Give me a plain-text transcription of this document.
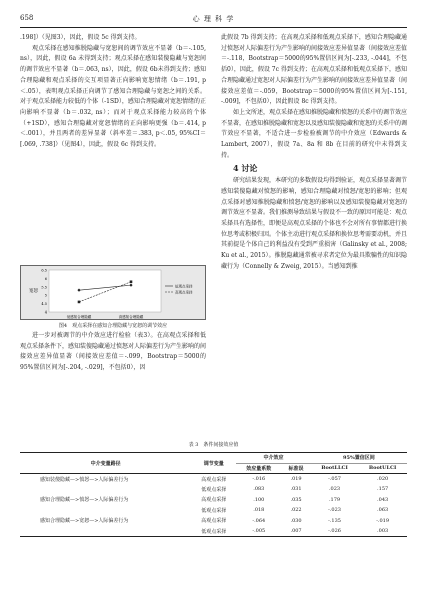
658	心 理 科 学

.198]）（见图3），因此，假设 5c 得到支持。

观点采择在感知推脱隐藏与宽恕间的调节效应不显著（b＝-.105, ns），因此，假设 6a 未得到支持；观点采择在感知装傻隐藏与宽恕间的调节效应不显著（b＝.063, ns），因此，假设 6b未得到支持；感知合理隐藏和观点采择的交互项显著正向影响宽恕情绪（b＝.191, p＜.05），表明观点采择正向调节了感知合理隐藏与宽恕之间的关系。对于观点采择能力较低的个体（-1SD），感知合理隐藏对宽恕情绪的正向影响不显著（b＝.032, ns）；而对于观点采择能力较高的个体（+1SD），感知合理隐藏对宽恕情绪的正向影响更强（b＝.414, p＜.001），并且两者的差异显著（斜率差＝.383, p＜.05, 95%CI＝[.069, .738]）（见图4），因此，假设 6c 得到支持。

4
4.5
5
5.5
6
6.5
低感知合理隐藏	高感知合理隐藏
低观点采择
高观点采择
宽恕
图4　观点采择在感知合理隐藏与宽恕的调节效应

进一步对被调节的中介效应进行检验（表3）。在高观点采择和低观点采择条件下，感知装傻隐藏通过愤怒对人际偏差行为产生影响的间接效应差异值显著（间接效应差值＝-.099，Bootstrap＝5000的95%置信区间为[-.204, -.029]，不包括0），因

此假设 7b 得到支持；在高观点采择和低观点采择下，感知合理隐藏通过愤怒对人际偏差行为产生影响的间接效应差异值显著（间接效应差值＝-.118，Bootstrap＝5000的95%置信区间为[-.233, -.044]，不包括0），因此，假设 7c 得到支持；在高观点采择和低观点采择下，感知合理隐藏通过宽恕对人际偏差行为产生影响的间接效应差异值显著（间接效应差值＝-.059，Bootstrap＝5000的95%置信区间为[-.151, -.009]，不包括0），因此假设 8c 得到支持。

如上文所述，观点采择在感知推脱隐藏和愤怒的关系中的调节效应不显著，在感知推脱隐藏和宽恕以及感知装傻隐藏和宽恕的关系中的调节效应不显著，不适合进一步检验被调节的中介效应（Edwards & Lambert, 2007），假设 7a、8a 和 8b 在目前的研究中未得到支持。

4 讨论

研究结果发现，本研究的多数假设均得到验证，观点采择显著调节感知装傻隐藏对愤怒的影响，感知合理隐藏对愤怒/宽恕的影响；但观点采择对感知推脱隐藏和愤怒/宽恕的影响以及感知装傻隐藏对宽恕的调节效应不显著。我们推测导致结果与假设不一致的原因可能是：观点采择具有选择性，即便是高观点采择的个体也不会对所有事情都进行换位思考或积极归因。个体主动进行观点采择和换位思考需要动机，并且其前提是个体自己的利益没有受到严重损害（Galinsky et al., 2008; Ku et al., 2015）。推脱隐藏通常被寻求者定位为最具欺骗性的知识隐藏行为（Connelly & Zweig, 2015）。当感知到推

表 3　条件间接效应值
中介变量路径	调节变量	中介效应		95%置信区间	
		效应量系数	标准误	BootLLCI	BootULCI
感知装傻隐藏—>愤怒—>人际偏差行为	高观点采择	-.016	.019	-.057	.020
	低观点采择	.083	.031	.023	.157
感知合理隐藏—>愤怒—>人际偏差行为	高观点采择	.100	.035	.179	.043
	低观点采择	.018	.022	-.023	.063
感知合理隐藏—>宽恕—>人际偏差行为	高观点采择	-.064	.030	-.135	-.019
	低观点采择	-.005	.007	-.026	.003
